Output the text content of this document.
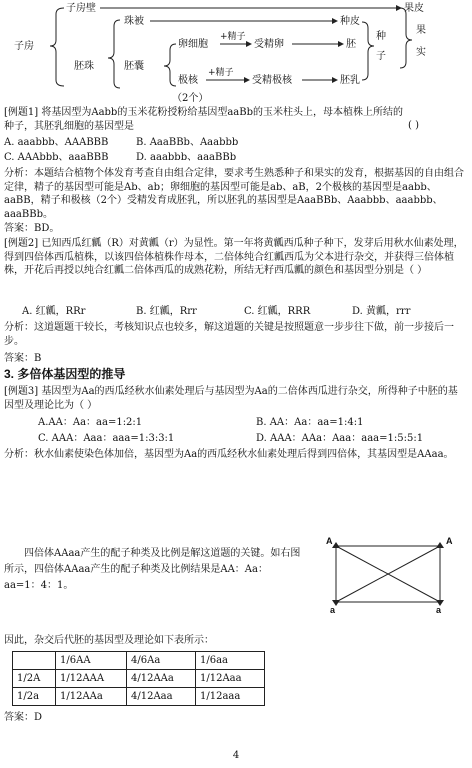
子房壁	果皮
果
实
子房
珠被	种皮
种
子
胚珠	胚囊
卵细胞
+精子
受精卵	胚
极核
+精子
受精极核	胚乳
（2个）
[例题1] 将基因型为Aabb的玉米花粉授粉给基因型aaBb的玉米柱头上，母本植株上所结的种子，其胚乳细胞的基因型是	( )
A. aaabbb、AAABBB	B. AaaBBb、Aaabbb
C. AAAbbb、aaaBBB	D. aaabbb、aaaBBb
分析：本题结合植物个体发育考查自由组合定律，要求考生熟悉种子和果实的发育，根据基因的自由组合定律，精子的基因型可能是Ab、ab；卵细胞的基因型可能是ab、aB，2个极核的基因型是aabb、aaBB，精子和极核（2个）受精发育成胚乳，所以胚乳的基因型是AaaBBb、Aaabbb、aaabbb、aaaBBb。
答案：BD。
[例题2] 已知西瓜红瓤（R）对黄瓤（r）为显性。第一年将黄瓤西瓜种子种下，发芽后用秋水仙素处理，得到四倍体西瓜植株，以该四倍体植株作母本，二倍体纯合红瓤西瓜为父本进行杂交，并获得三倍体植株，开花后再授以纯合红瓤二倍体西瓜的成熟花粉，所结无籽西瓜瓤的颜色和基因型分别是（ ）
A. 红瓤，RRr	B. 红瓤，Rrr	C. 红瓤，RRR	D. 黄瓤，rrr
分析：这道题题干较长，考核知识点也较多，解这道题的关键是按照题意一步步往下做，前一步接后一步。
答案：B
3. 多倍体基因型的推导
[例题3] 基因型为Aa的西瓜经秋水仙素处理后与基因型为Aa的二倍体西瓜进行杂交，所得种子中胚的基因型及理论比为（ ）
A.AA：Aa：aa=1:2:1	B. AA：Aa：aa=1:4:1
C. AAA：Aaa：aaa=1:3:3:1	D. AAA：AAa：Aaa：aaa=1:5:5:1
分析：秋水仙素使染色体加倍，基因型为Aa的西瓜经秋水仙素处理后得到四倍体，其基因型是AAaa。
四倍体AAaa产生的配子种类及比例是解这道题的关键。如右图所示，四倍体AAaa产生的配子种类及比例结果是AA：Aa：aa=1：4：1。
A	A
a	a
因此，杂交后代胚的基因型及理论如下表所示：
	1/6AA	4/6Aa	1/6aa
1/2A	1/12AAA	4/12AAa	1/12Aaa
1/2a	1/12AAa	4/12Aaa	1/12aaa
答案：D
4
